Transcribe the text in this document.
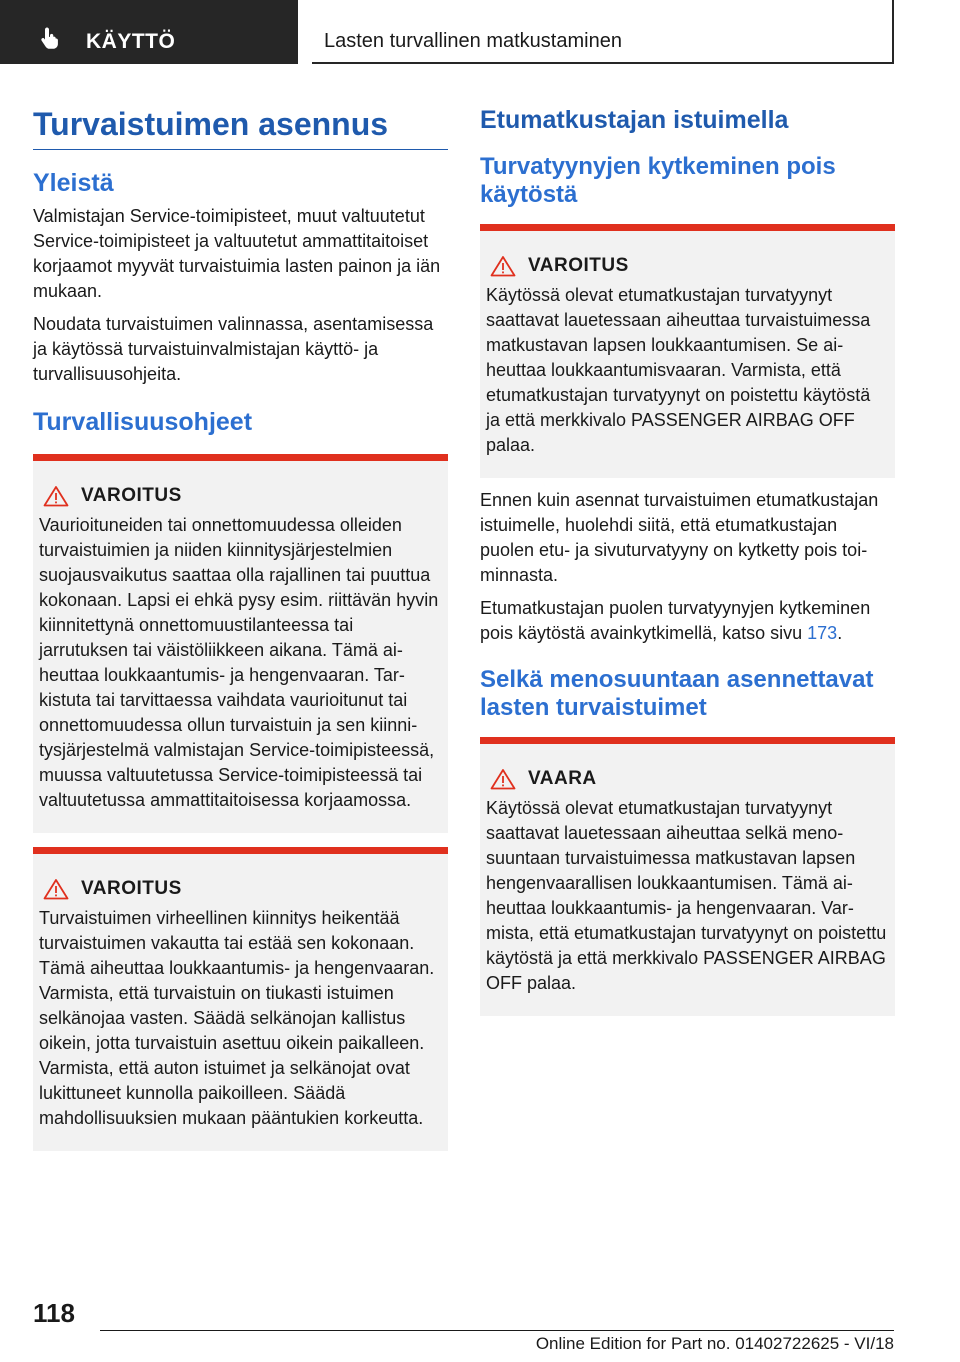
KÄYTTÖ	Lasten turvallinen matkustaminen
Turvaistuimen asennus
Yleistä

Valmistajan Service-toimipisteet, muut valtuutetut Service-toimipisteet ja valtuutetut ammattitaitoiset korjaamot myyvät turvaistuimia lasten painon ja iän mukaan.

Noudata turvaistuimen valinnassa, asentamisessa ja käytössä turvaistuinvalmistajan käyttö- ja turvallisuusohjeita.

Turvallisuusohjeet
VAROITUS

Vaurioituneiden tai onnettomuudessa olleiden turvaistuimien ja niiden kiinnitysjärjestelmien suojausvaikutus saattaa olla rajallinen tai puuttua kokonaan. Lapsi ei ehkä pysy esim. riittävän hyvin kiinnitettynä onnettomuustilanteessa tai jarrutuksen tai väistöliikkeen aikana. Tämä aiheuttaa loukkaantumis- ja hengenvaaran. Tarkistuta tai tarvittaessa vaihdata vaurioitunut tai onnettomuudessa ollun turvaistuin ja sen kiinnitysjärjestelmä valmistajan Service-toimipisteessä, muussa valtuutetussa Service-toimipisteessä tai valtuutetussa ammattitaitoisessa korjaamossa.

VAROITUS

Turvaistuimen virheellinen kiinnitys heikentää turvaistuimen vakautta tai estää sen kokonaan. Tämä aiheuttaa loukkaantumis- ja hengenvaaran. Varmista, että turvaistuin on tiukasti istuimen selkänojaa vasten. Säädä selkänojan kallistus oikein, jotta turvaistuin asettuu oikein paikalleen. Varmista, että auton istuimet ja selkänojat ovat lukittuneet kunnolla paikoilleen. Säädä mahdollisuuksien mukaan pääntukien korkeutta.

Etumatkustajan istuimella
Turvatyynyjen kytkeminen pois käytöstä
VAROITUS

Käytössä olevat etumatkustajan turvatyynyt saattavat lauetessaan aiheuttaa turvaistuimessa matkustavan lapsen loukkaantumisen. Se aiheuttaa loukkaantumisvaaran. Varmista, että etumatkustajan turvatyynyt on poistettu käytöstä ja että merkkivalo PASSENGER AIRBAG OFF palaa.

Ennen kuin asennat turvaistuimen etumatkustajan istuimelle, huolehdi siitä, että etumatkustajan puolen etu- ja sivuturvatyyny on kytketty pois toiminnasta.

Etumatkustajan puolen turvatyynyjen kytkeminen pois käytöstä avainkytkimellä, katso sivu 173.

Selkä menosuuntaan asennettavat lasten turvaistuimet
VAARA

Käytössä olevat etumatkustajan turvatyynyt saattavat lauetessaan aiheuttaa selkä menosuuntaan turvaistuimessa matkustavan lapsen hengenvaarallisen loukkaantumisen. Tämä aiheuttaa loukkaantumis- ja hengenvaaran. Varmista, että etumatkustajan turvatyynyt on poistettu käytöstä ja että merkkivalo PASSENGER AIRBAG OFF palaa.

118
Online Edition for Part no. 01402722625 - VI/18
